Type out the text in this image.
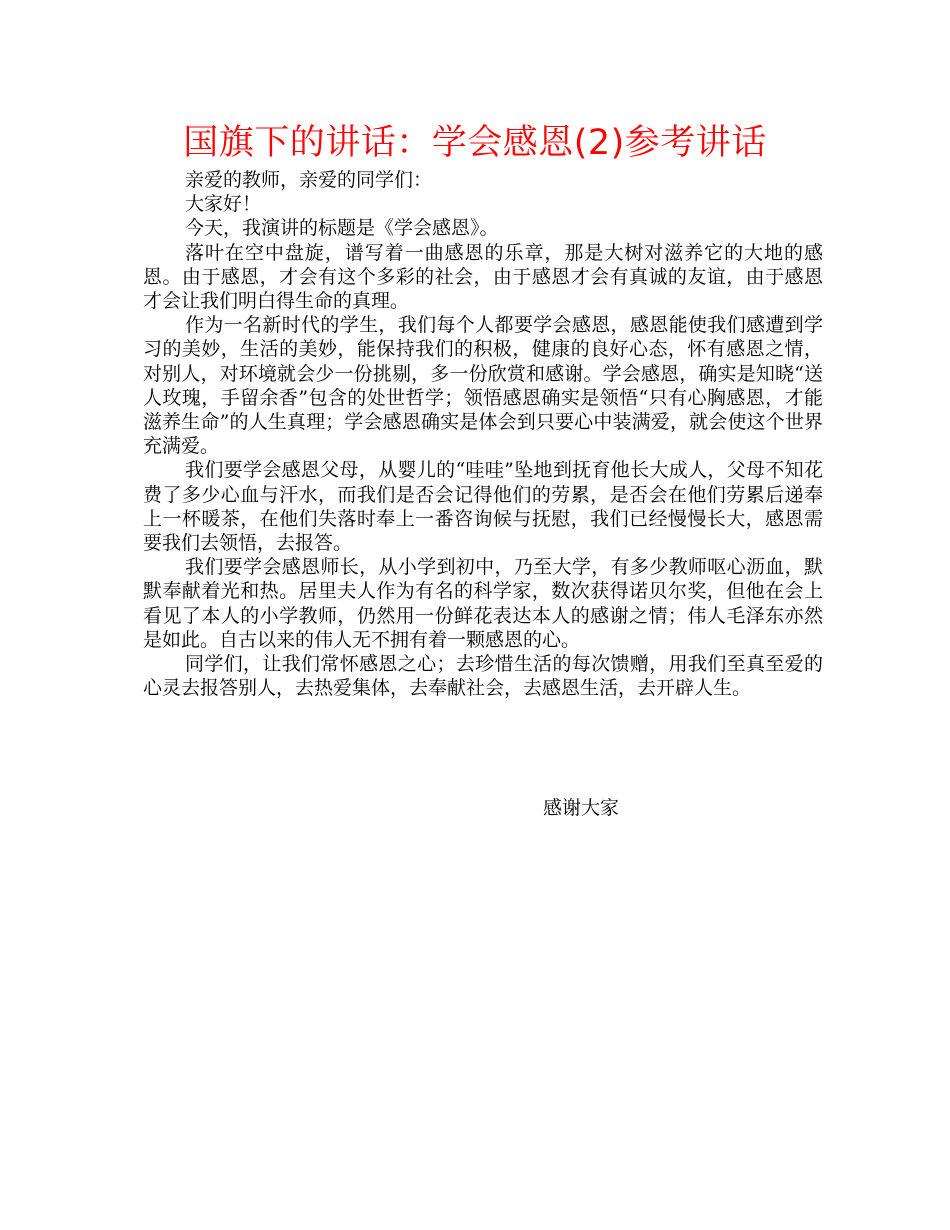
国旗下的讲话：学会感恩(2)参考讲话

亲爱的教师，亲爱的同学们：

大家好！

今天，我演讲的标题是《学会感恩》。

落叶在空中盘旋，谱写着一曲感恩的乐章，那是大树对滋养它的大地的感恩。由于感恩，才会有这个多彩的社会，由于感恩才会有真诚的友谊，由于感恩才会让我们明白得生命的真理。

作为一名新时代的学生，我们每个人都要学会感恩，感恩能使我们感遭到学习的美妙，生活的美妙，能保持我们的积极，健康的良好心态，怀有感恩之情，对别人，对环境就会少一份挑剔，多一份欣赏和感谢。学会感恩，确实是知晓“送人玫瑰，手留余香”包含的处世哲学；领悟感恩确实是领悟“只有心胸感恩，才能滋养生命”的人生真理；学会感恩确实是体会到只要心中装满爱，就会使这个世界充满爱。

我们要学会感恩父母，从婴儿的“哇哇”坠地到抚育他长大成人，父母不知花费了多少心血与汗水，而我们是否会记得他们的劳累，是否会在他们劳累后递奉上一杯暖茶，在他们失落时奉上一番咨询候与抚慰，我们已经慢慢长大，感恩需要我们去领悟，去报答。

我们要学会感恩师长，从小学到初中，乃至大学，有多少教师呕心沥血，默默奉献着光和热。居里夫人作为有名的科学家，数次获得诺贝尔奖，但他在会上看见了本人的小学教师，仍然用一份鲜花表达本人的感谢之情；伟人毛泽东亦然是如此。自古以来的伟人无不拥有着一颗感恩的心。

同学们，让我们常怀感恩之心；去珍惜生活的每次馈赠，用我们至真至爱的心灵去报答别人，去热爱集体，去奉献社会，去感恩生活，去开辟人生。

感谢大家
